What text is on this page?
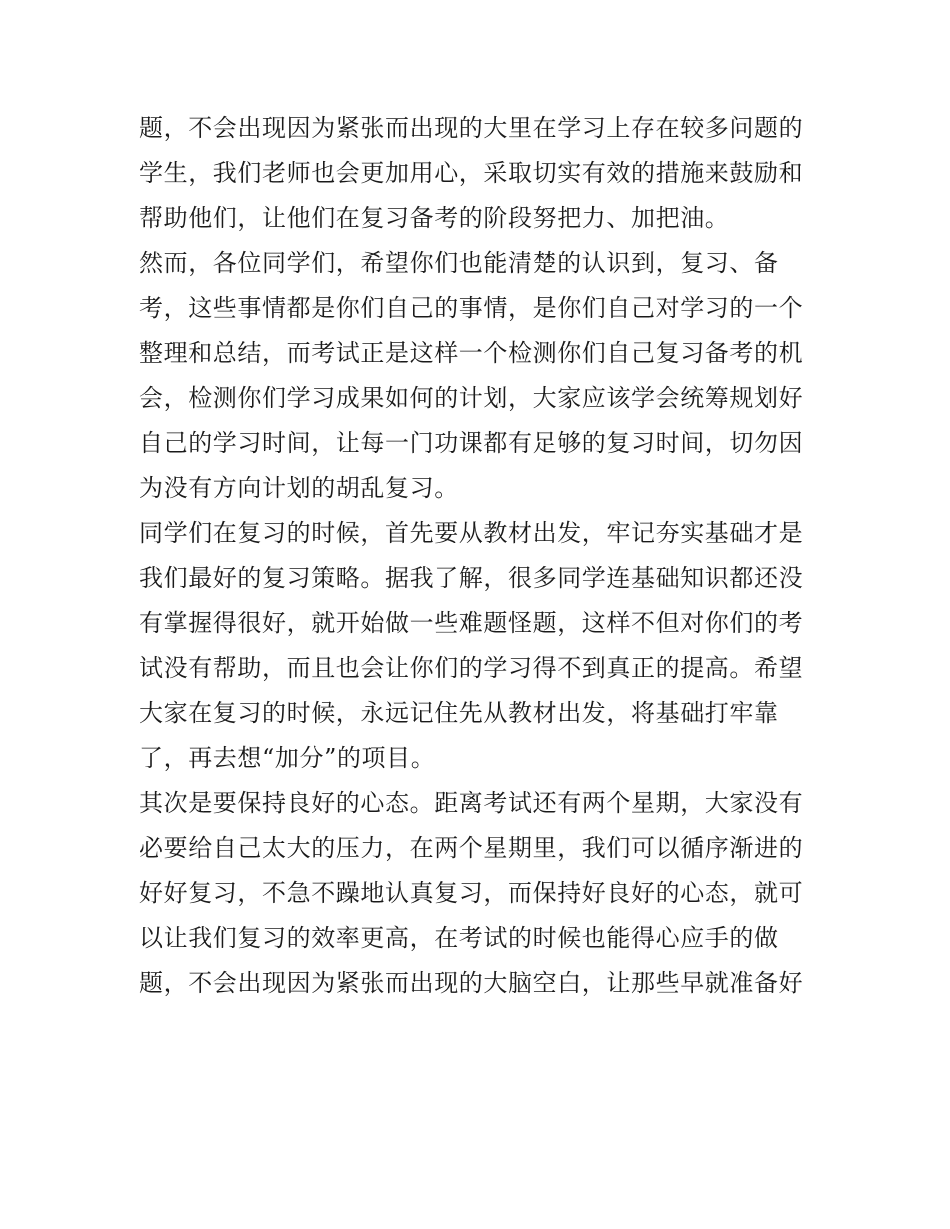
题，不会出现因为紧张而出现的大里在学习上存在较多问题的
学生，我们老师也会更加用心，采取切实有效的措施来鼓励和
帮助他们，让他们在复习备考的阶段努把力、加把油。
然而，各位同学们，希望你们也能清楚的认识到，复习、备
考，这些事情都是你们自己的事情，是你们自己对学习的一个
整理和总结，而考试正是这样一个检测你们自己复习备考的机
会，检测你们学习成果如何的计划，大家应该学会统筹规划好
自己的学习时间，让每一门功课都有足够的复习时间，切勿因
为没有方向计划的胡乱复习。
同学们在复习的时候，首先要从教材出发，牢记夯实基础才是
我们最好的复习策略。据我了解，很多同学连基础知识都还没
有掌握得很好，就开始做一些难题怪题，这样不但对你们的考
试没有帮助，而且也会让你们的学习得不到真正的提高。希望
大家在复习的时候，永远记住先从教材出发，将基础打牢靠
了，再去想“加分”的项目。
其次是要保持良好的心态。距离考试还有两个星期，大家没有
必要给自己太大的压力，在两个星期里，我们可以循序渐进的
好好复习，不急不躁地认真复习，而保持好良好的心态，就可
以让我们复习的效率更高，在考试的时候也能得心应手的做
题，不会出现因为紧张而出现的大脑空白，让那些早就准备好
